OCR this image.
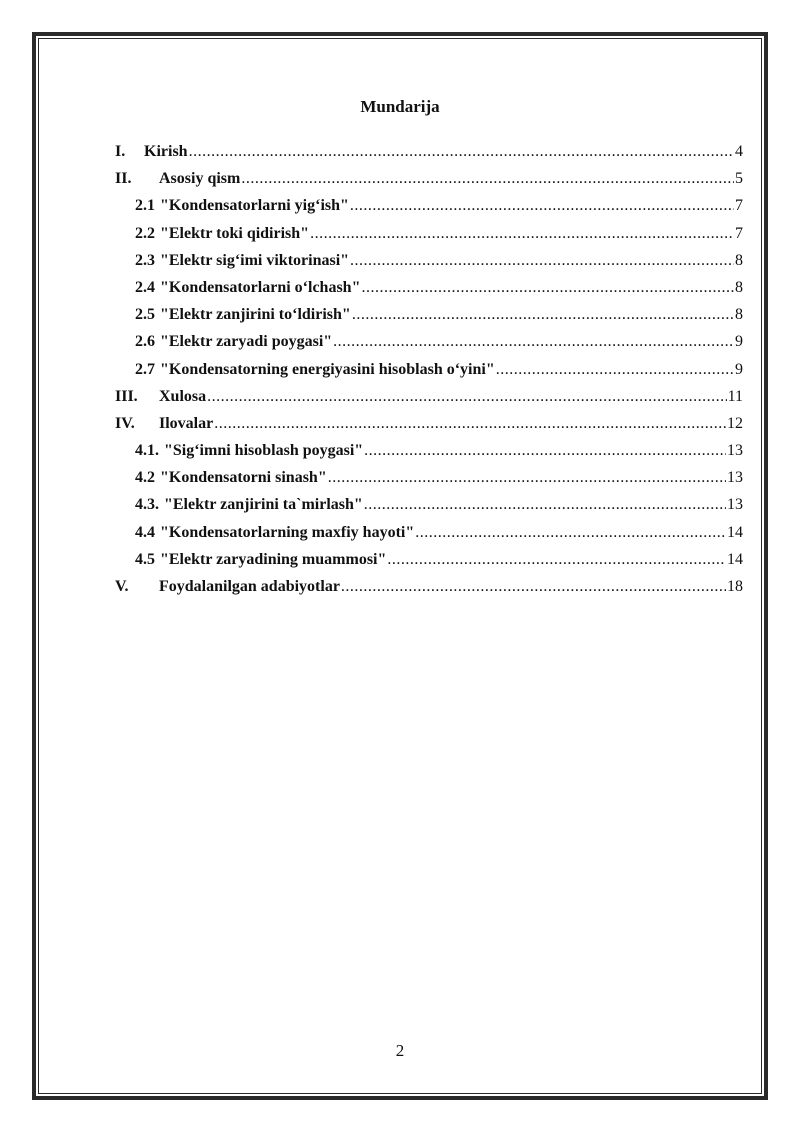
Mundarija
I.	Kirish .....	4
II.	Asosiy qism .....	5
2.1 "Kondensatorlarni yig‘ish" .....	7
2.2 "Elektr toki qidirish" .....	7
2.3 "Elektr sig‘imi viktorinasi" .....	8
2.4 "Kondensatorlarni o‘lchash" .....	8
2.5 "Elektr zanjirini to‘ldirish" .....	8
2.6 "Elektr zaryadi poygasi" .....	9
2.7 "Kondensatorning energiyasini hisoblash o‘yini" .....	9
III.	Xulosa .....	11
IV.	Ilovalar .....	12
4.1. "Sig‘imni hisoblash poygasi" .....	13
4.2 "Kondensatorni sinash" .....	13
4.3. "Elektr zanjirini ta`mirlash" .....	13
4.4 "Kondensatorlarning maxfiy hayoti" .....	14
4.5 "Elektr zaryadining muammosi" .....	14
V.	Foydalanilgan adabiyotlar .....	18
2
